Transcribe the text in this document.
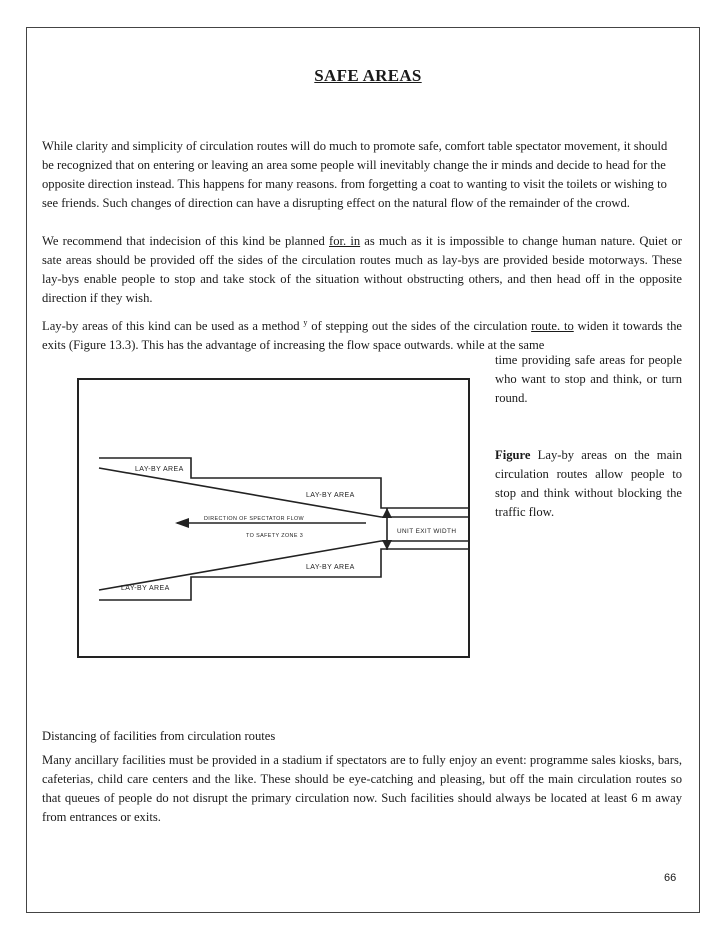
SAFE AREAS

While clarity and simplicity of circulation routes will do much to promote safe, comfort table spectator movement, it should be recognized that on entering or leaving an area some people will inevitably change the ir minds and decide to head for the opposite direction instead. This happens for many reasons. from forgetting a coat to wanting to visit the toilets or wishing to see friends. Such changes of direction can have a disrupting effect on the natural flow of the remainder of the crowd.

We recommend that indecision of this kind be planned for. in as much as it is impossible to change human nature. Quiet or sate areas should be provided off the sides of the circulation routes much as lay-bys are provided beside motorways. These lay-bys enable people to stop and take stock of the situation without obstructing others, and then head off in the opposite direction if they wish.

Lay-by areas of this kind can be used as a method $^y$ of stepping out the sides of the circulation route. to widen it towards the exits (Figure 13.3). This has the advantage of increasing the flow space outwards. while at the same

time providing safe areas for people who want to stop and think, or turn round.

Figure Lay-by areas on the main circulation routes allow people to stop and think without blocking the traffic flow.

LAY-BY AREA
LAY-BY AREA
DIRECTION OF SPECTATOR FLOW
TO SAFETY ZONE 3
UNIT EXIT WIDTH
LAY-BY AREA
LAY-BY AREA

Distancing of facilities from circulation routes

Many ancillary facilities must be provided in a stadium if spectators are to fully enjoy an event: programme sales kiosks, bars, cafeterias, child care centers and the like. These should be eye-catching and pleasing, but off the main circulation routes so that queues of people do not disrupt the primary circulation now. Such facilities should always be located at least 6 m away from entrances or exits.

66
